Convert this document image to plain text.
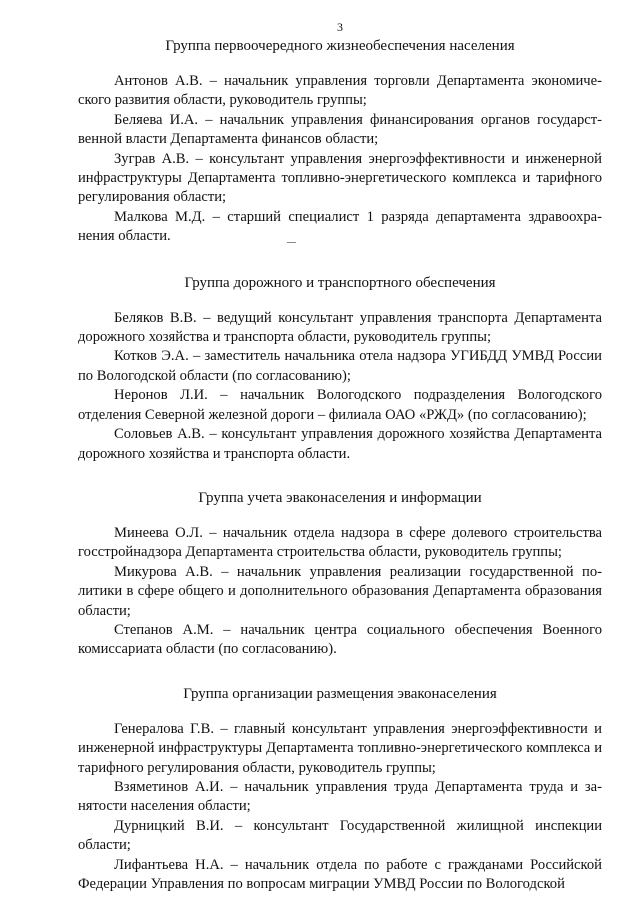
3
Группа первоочередного жизнеобеспечения населения

Антонов А.В. – начальник управления торговли Департамента экономического развития области, руководитель группы;

Беляева И.А. – начальник управления финансирования органов государственной власти Департамента финансов области;

Зуграв А.В. – консультант управления энергоэффективности и инженерной инфраструктуры Департамента топливно-энергетического комплекса и тарифного регулирования области;

Малкова М.Д. – старший специалист 1 разряда департамента здравоохранения области.

Группа дорожного и транспортного обеспечения

Беляков В.В. – ведущий консультант управления транспорта Департамента дорожного хозяйства и транспорта области, руководитель группы;

Котков Э.А. – заместитель начальника отела надзора УГИБДД УМВД России по Вологодской области (по согласованию);

Неронов Л.И. – начальник Вологодского подразделения Вологодского отделения Северной железной дороги – филиала ОАО «РЖД» (по согласованию);

Соловьев А.В. – консультант управления дорожного хозяйства Департамента дорожного хозяйства и транспорта области.

Группа учета эваконаселения и информации

Минеева О.Л. – начальник отдела надзора в сфере долевого строительства госстройнадзора Департамента строительства области, руководитель группы;

Микурова А.В. – начальник управления реализации государственной политики в сфере общего и дополнительного образования Департамента образования области;

Степанов А.М. – начальник центра социального обеспечения Военного комиссариата области (по согласованию).

Группа организации размещения эваконаселения

Генералова Г.В. – главный консультант управления энергоэффективности и инженерной инфраструктуры Департамента топливно-энергетического комплекса и тарифного регулирования области, руководитель группы;

Взяметинов А.И. – начальник управления труда Департамента труда и занятости населения области;

Дурницкий В.И. – консультант Государственной жилищной инспекции области;

Лифантьева Н.А. – начальник отдела по работе с гражданами Российской Федерации Управления по вопросам миграции УМВД России по Вологодской
